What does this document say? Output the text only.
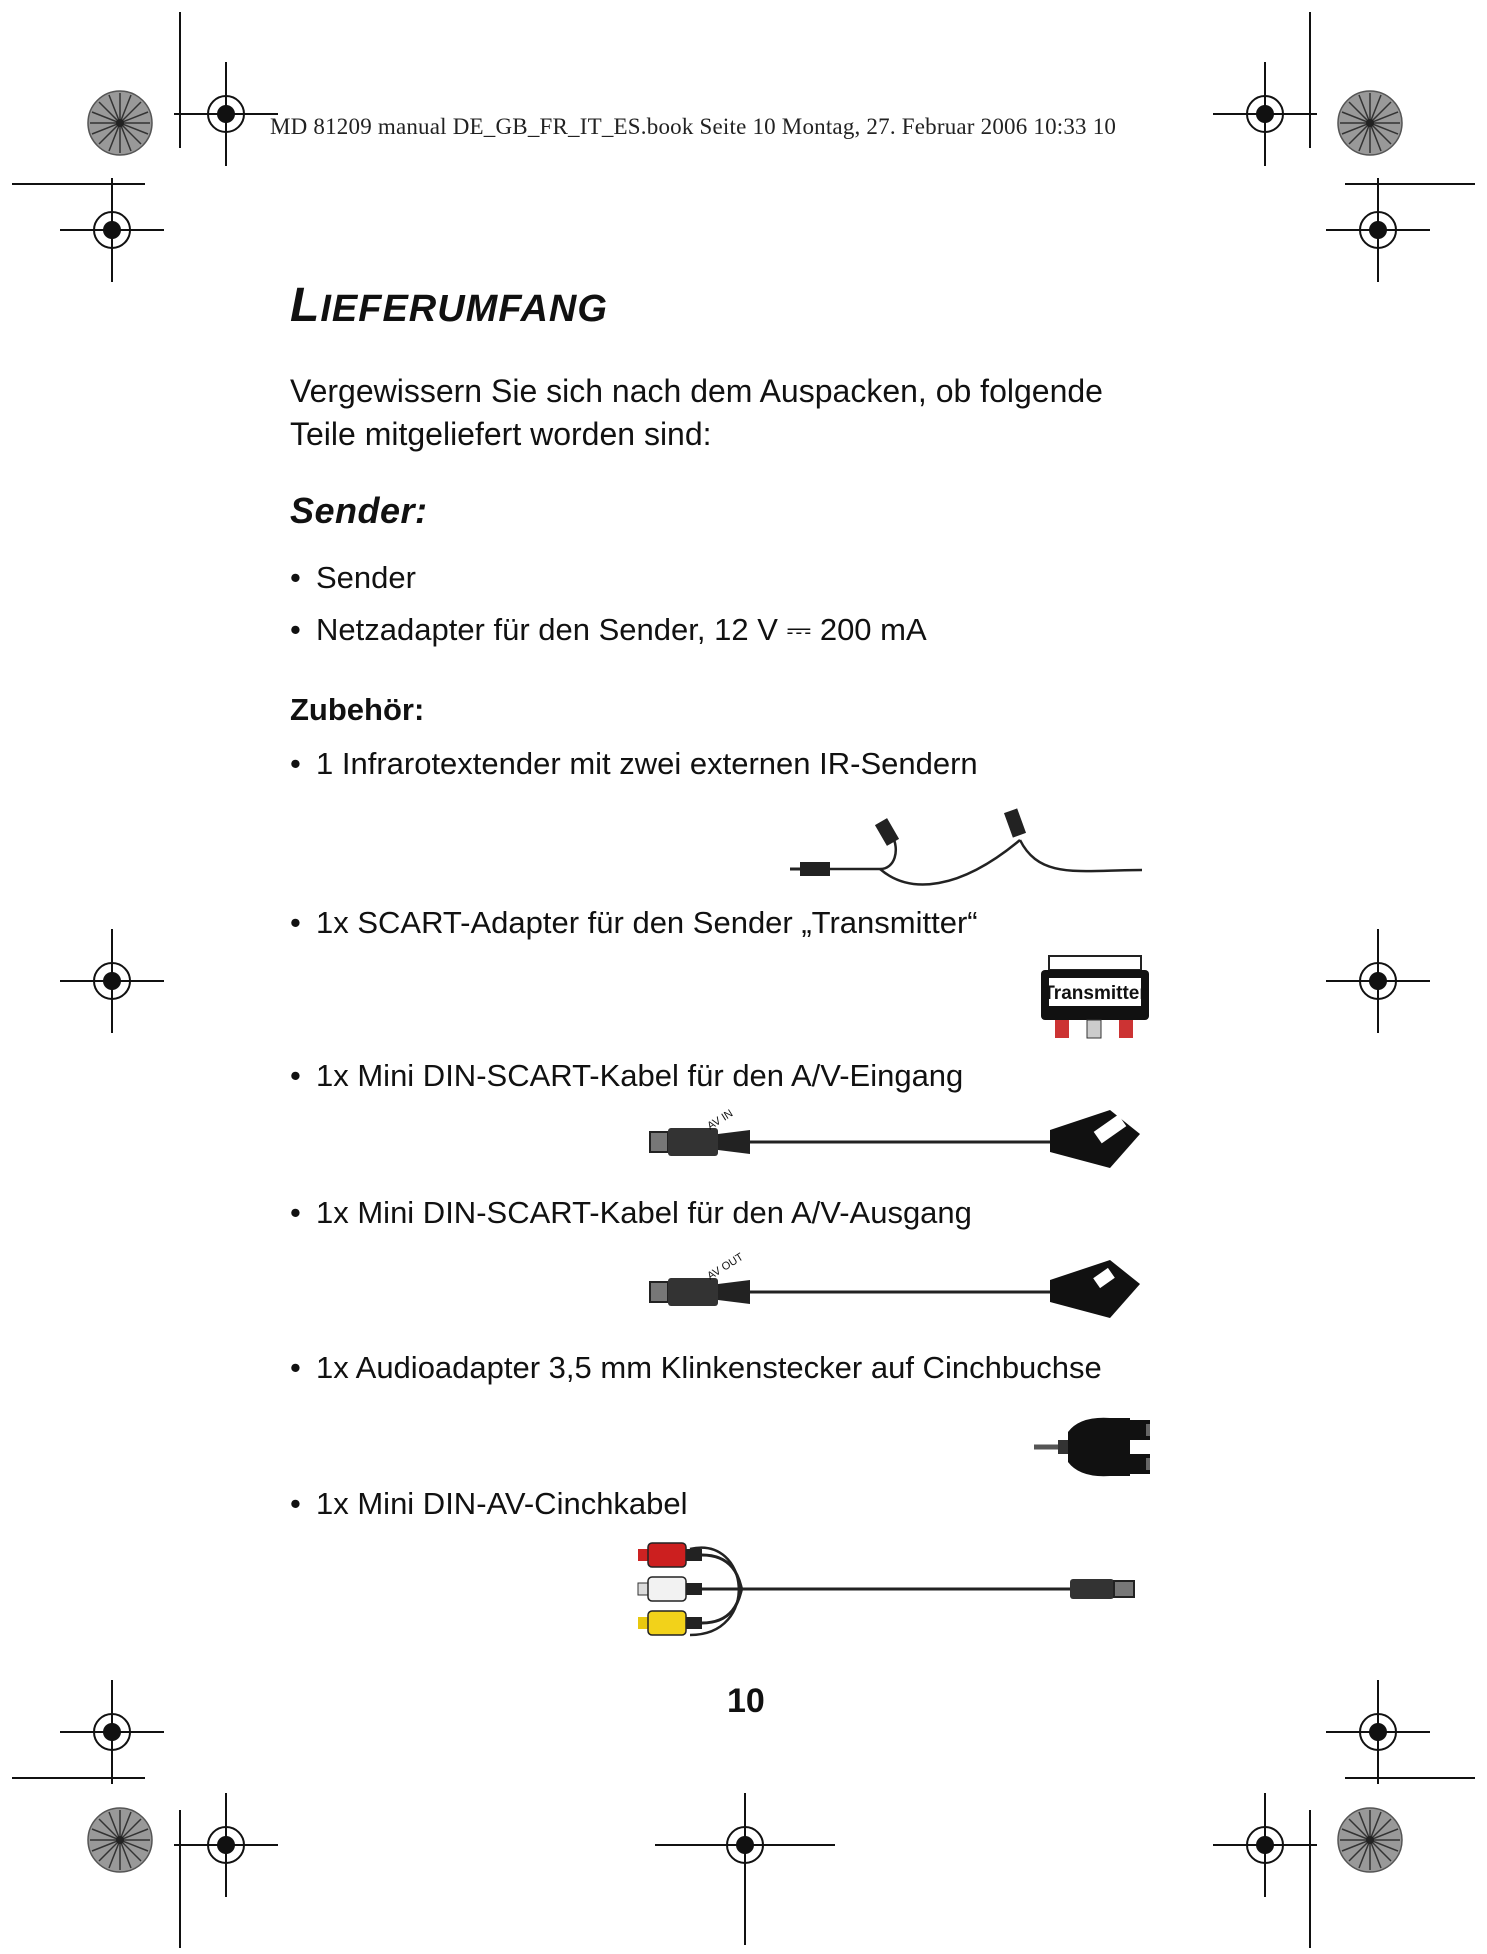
MD 81209 manual DE_GB_FR_IT_ES.book Seite 10 Montag, 27. Februar 2006 10:33 10
LIEFERUMFANG
Vergewissern Sie sich nach dem Auspacken, ob folgende
Teile mitgeliefert worden sind:
Sender:
• Sender
• Netzadapter für den Sender, 12 V ⎓ 200 mA
Zubehör:
• 1 Infrarotextender mit zwei externen IR-Sendern
• 1x SCART-Adapter für den Sender „Transmitter“
Transmitter
• 1x Mini DIN-SCART-Kabel für den A/V-Eingang
AV IN
• 1x Mini DIN-SCART-Kabel für den A/V-Ausgang
AV OUT
• 1x Audioadapter 3,5 mm Klinkenstecker auf Cinchbuchse
• 1x Mini DIN-AV-Cinchkabel
10
